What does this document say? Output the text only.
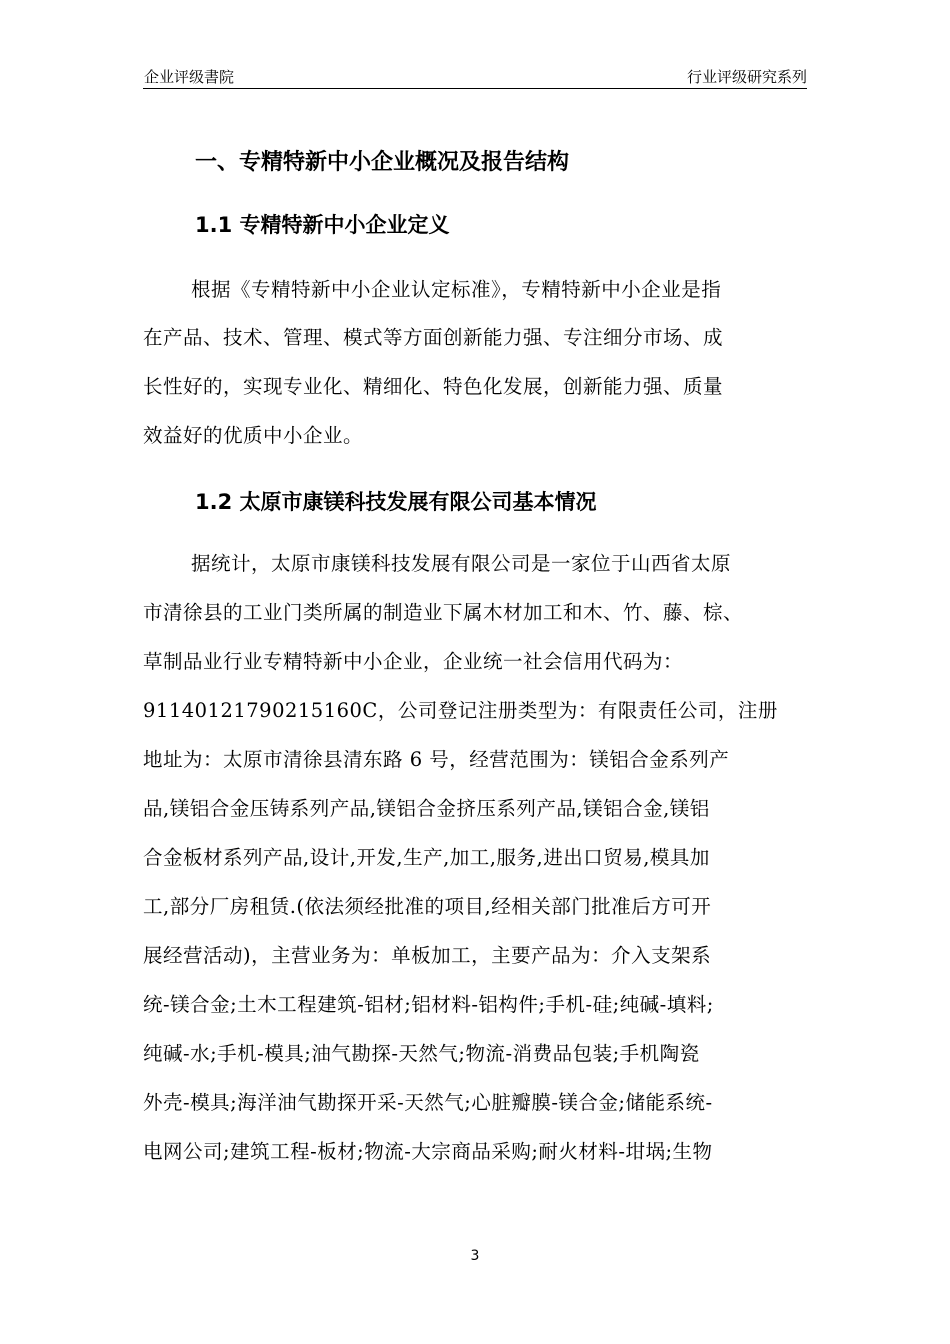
企业评级書院	行业评级研究系列
一、专精特新中小企业概况及报告结构
1.1 专精特新中小企业定义
根据《专精特新中小企业认定标准》，专精特新中小企业是指
在产品、技术、管理、模式等方面创新能力强、专注细分市场、成
长性好的，实现专业化、精细化、特色化发展，创新能力强、质量
效益好的优质中小企业。
1.2 太原市康镁科技发展有限公司基本情况
据统计，太原市康镁科技发展有限公司是一家位于山西省太原
市清徐县的工业门类所属的制造业下属木材加工和木、竹、藤、棕、
草制品业行业专精特新中小企业，企业统一社会信用代码为：
91140121790215160C，公司登记注册类型为：有限责任公司，注册
地址为：太原市清徐县清东路 6 号，经营范围为：镁铝合金系列产
品,镁铝合金压铸系列产品,镁铝合金挤压系列产品,镁铝合金,镁铝
合金板材系列产品,设计,开发,生产,加工,服务,进出口贸易,模具加
工,部分厂房租赁.(依法须经批准的项目,经相关部门批准后方可开
展经营活动)，主营业务为：单板加工，主要产品为：介入支架系
统-镁合金;土木工程建筑-铝材;铝材料-铝构件;手机-硅;纯碱-填料;
纯碱-水;手机-模具;油气勘探-天然气;物流-消费品包装;手机陶瓷
外壳-模具;海洋油气勘探开采-天然气;心脏瓣膜-镁合金;储能系统-
电网公司;建筑工程-板材;物流-大宗商品采购;耐火材料-坩埚;生物
3
